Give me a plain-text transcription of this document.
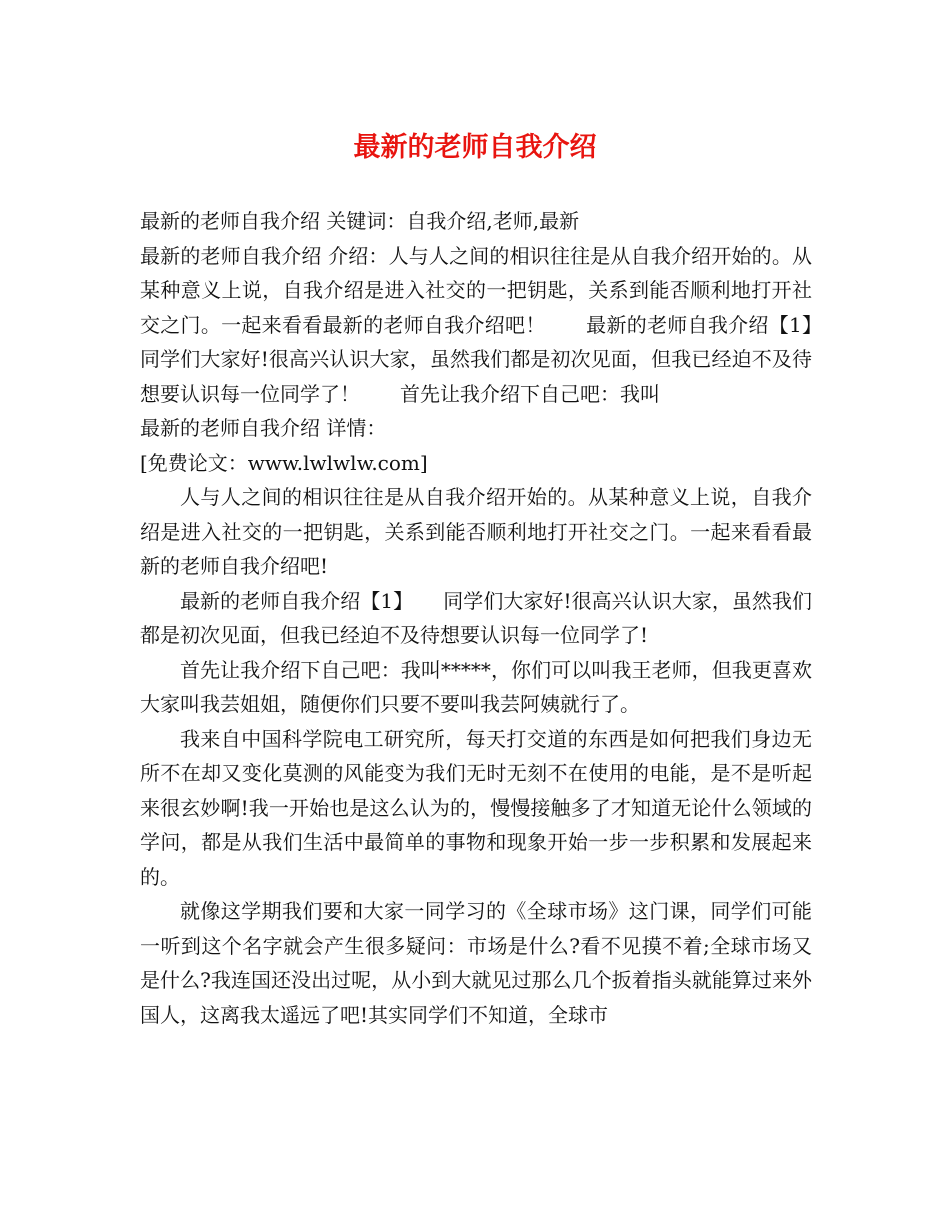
最新的老师自我介绍

最新的老师自我介绍 关键词：自我介绍,老师,最新

最新的老师自我介绍 介绍：人与人之间的相识往往是从自我介绍开始的。从某种意义上说，自我介绍是进入社交的一把钥匙，关系到能否顺利地打开社交之门。一起来看看最新的老师自我介绍吧！　　最新的老师自我介绍【1】　　同学们大家好!很高兴认识大家，虽然我们都是初次见面，但我已经迫不及待想要认识每一位同学了！　　首先让我介绍下自己吧：我叫

最新的老师自我介绍 详情：

[免费论文：www.lwlwlw.com]

人与人之间的相识往往是从自我介绍开始的。从某种意义上说，自我介绍是进入社交的一把钥匙，关系到能否顺利地打开社交之门。一起来看看最新的老师自我介绍吧!

最新的老师自我介绍【1】　　同学们大家好!很高兴认识大家，虽然我们都是初次见面，但我已经迫不及待想要认识每一位同学了!

首先让我介绍下自己吧：我叫*****，你们可以叫我王老师，但我更喜欢大家叫我芸姐姐，随便你们只要不要叫我芸阿姨就行了。

我来自中国科学院电工研究所，每天打交道的东西是如何把我们身边无所不在却又变化莫测的风能变为我们无时无刻不在使用的电能，是不是听起来很玄妙啊!我一开始也是这么认为的，慢慢接触多了才知道无论什么领域的学问，都是从我们生活中最简单的事物和现象开始一步一步积累和发展起来的。

就像这学期我们要和大家一同学习的《全球市场》这门课，同学们可能一听到这个名字就会产生很多疑问：市场是什么?看不见摸不着;全球市场又是什么?我连国还没出过呢，从小到大就见过那么几个扳着指头就能算过来外国人，这离我太遥远了吧!其实同学们不知道，全球市
